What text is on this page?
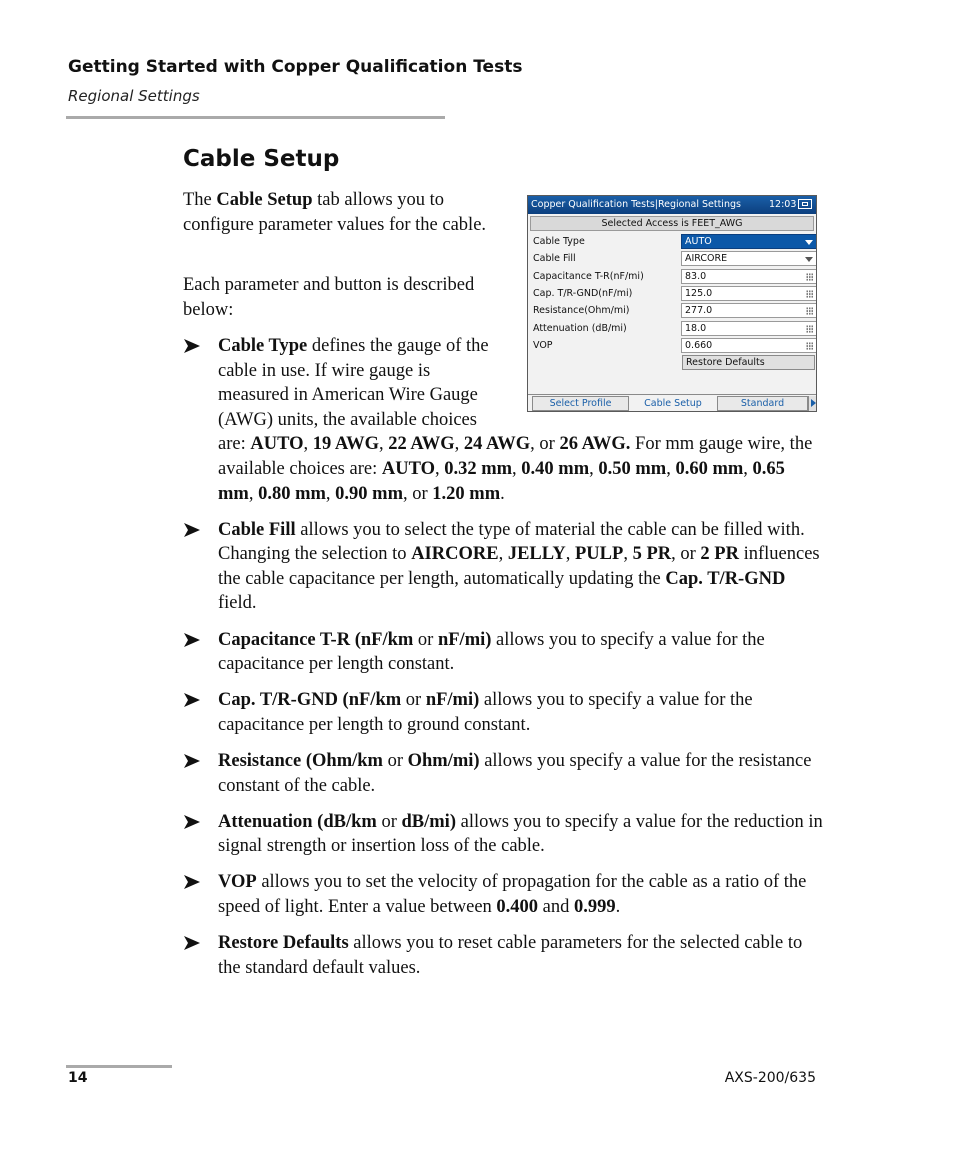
Getting Started with Copper Qualification Tests
Regional Settings
Cable Setup

The Cable Setup tab allows you to configure parameter values for the cable.

Each parameter and button is described below:

Cable Type defines the gauge of the cable in use. If wire gauge is measured in American Wire Gauge (AWG) units, the available choices are: AUTO, 19 AWG, 22 AWG, 24 AWG, or 26 AWG. For mm gauge wire, the available choices are: AUTO, 0.32 mm, 0.40 mm, 0.50 mm, 0.60 mm, 0.65 mm, 0.80 mm, 0.90 mm, or 1.20 mm.
Cable Fill allows you to select the type of material the cable can be filled with. Changing the selection to AIRCORE, JELLY, PULP, 5 PR, or 2 PR influences the cable capacitance per length, automatically updating the Cap. T/R-GND field.
Capacitance T-R (nF/km or nF/mi) allows you to specify a value for the capacitance per length constant.
Cap. T/R-GND (nF/km or nF/mi) allows you to specify a value for the capacitance per length to ground constant.
Resistance (Ohm/km or Ohm/mi) allows you specify a value for the resistance constant of the cable.
Attenuation (dB/km or dB/mi) allows you to specify a value for the reduction in signal strength or insertion loss of the cable.
VOP allows you to set the velocity of propagation for the cable as a ratio of the speed of light. Enter a value between 0.400 and 0.999.
Restore Defaults allows you to reset cable parameters for the selected cable to the standard default values.
Copper Qualification Tests|Regional Settings	12:03
Selected Access is FEET_AWG
Cable Type	AUTO
Cable Fill	AIRCORE
Capacitance T-R(nF/mi)	83.0
Cap. T/R-GND(nF/mi)	125.0
Resistance(Ohm/mi)	277.0
Attenuation (dB/mi)	18.0
VOP	0.660
Restore Defaults
Select Profile	Cable Setup	Standard
14	AXS-200/635
